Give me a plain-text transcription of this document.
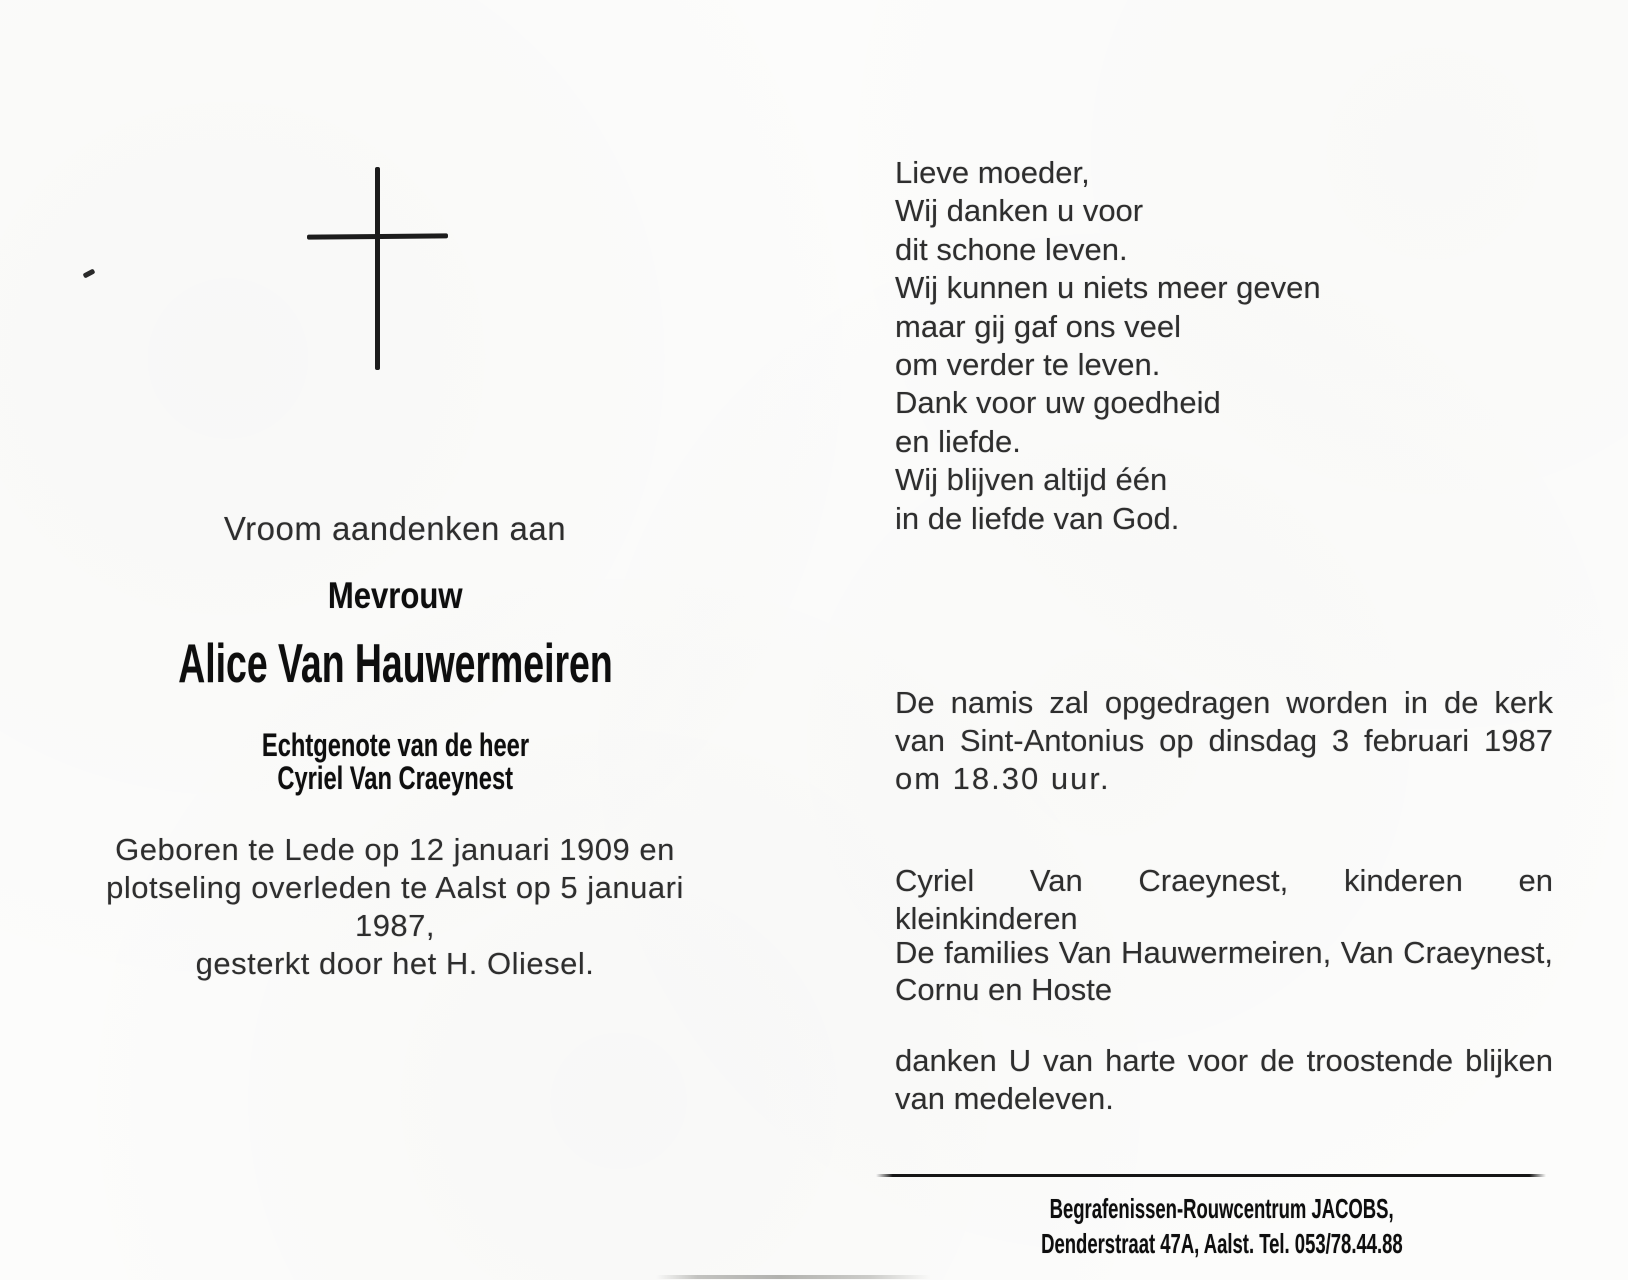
Vroom aandenken aan
Mevrouw
Alice Van Hauwermeiren
Echtgenote van de heer
Cyriel Van Craeynest
Geboren te Lede op 12 januari 1909 en
plotseling overleden te Aalst op 5 januari 1987,
gesterkt door het H. Oliesel.
Lieve moeder,
Wij danken u voor
dit schone leven.
Wij kunnen u niets meer geven
maar gij gaf ons veel
om verder te leven.
Dank voor uw goedheid
en liefde.
Wij blijven altijd één
in de liefde van God.
De namis zal opgedragen worden in de kerk
van Sint-Antonius op dinsdag 3 februari 1987
om 18.30 uur.
Cyriel Van Craeynest, kinderen en kleinkinderen
De families Van Hauwermeiren, Van Craeynest,
Cornu en Hoste
danken U van harte voor de troostende blijken
van medeleven.
Begrafenissen-Rouwcentrum JACOBS,
Denderstraat 47A, Aalst. Tel. 053/78.44.88
